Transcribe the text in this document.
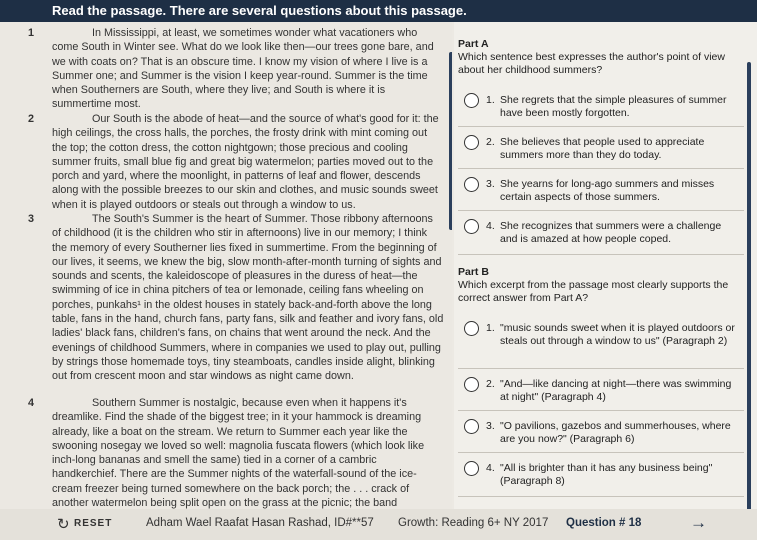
Read the passage. There are several questions about this passage.
1	In Mississippi, at least, we sometimes wonder what vacationers who come South in Winter see. What do we look like then—our trees gone bare, and we with coats on? That is an obscure time. I know my vision of where I live is a Summer one; and Summer is the vision I keep year-round. Summer is the time when Southerners are South, where they live; and South is where it is summertime most.
2	Our South is the abode of heat—and the source of what's good for it: the high ceilings, the cross halls, the porches, the frosty drink with mint coming out the top; the cotton dress, the cotton nightgown; those precious and cooling summer fruits, small blue fig and great big watermelon; parties moved out to the porch and yard, where the moonlight, in patterns of leaf and flower, descends along with the possible breezes to our skin and clothes, and music sounds sweet when it is played outdoors or steals out through a window to us.
3	The South's Summer is the heart of Summer. Those ribbony afternoons of childhood (it is the children who stir in afternoons) live in our memory; I think the memory of every Southerner lies fixed in summertime. From the beginning of our lives, it seems, we knew the big, slow month-after-month turning of sights and sounds and scents, the kaleidoscope of pleasures in the duress of heat—the swimming of ice in china pitchers of tea or lemonade, ceiling fans wheeling on porches, punkahs¹ in the oldest houses in stately back-and-forth above the long table, fans in the hand, church fans, party fans, silk and feather and ivory fans, old ladies' black fans, children's fans, on chains that went around the neck. And the evenings of childhood Summers, where in companies we used to play out, pulling by strings those homemade toys, tiny steamboats, candles inside alight, blinking out from crescent moon and star windows as night came down.
4	Southern Summer is nostalgic, because even when it happens it's dreamlike. Find the shade of the biggest tree; in it your hammock is dreaming already, like a boat on the stream. We return to Summer each year like the swooning nosegay we loved so well: magnolia fuscata flowers (which look like inch-long bananas and smell the same) tied in a corner of a cambric handkerchief. There are the Summer nights of the waterfall-sound of the ice-cream freezer being turned somewhere on the back porch; the . . . crack of another watermelon being split open on the grass at the picnic; the band
Part A
Which sentence best expresses the author's point of view about her childhood summers?
1. She regrets that the simple pleasures of summer have been mostly forgotten.
2. She believes that people used to appreciate summers more than they do today.
3. She yearns for long-ago summers and misses certain aspects of those summers.
4. She recognizes that summers were a challenge and is amazed at how people coped.
Part B
Which excerpt from the passage most clearly supports the correct answer from Part A?
1. "music sounds sweet when it is played outdoors or steals out through a window to us" (Paragraph 2)
2. "And—like dancing at night—there was swimming at night" (Paragraph 4)
3. "O pavilions, gazebos and summerhouses, where are you now?" (Paragraph 6)
4. "All is brighter than it has any business being" (Paragraph 8)
↻ RESET	Adham Wael Raafat Hasan Rashad, ID#**57 Growth: Reading 6+ NY 2017 Question # 18	→
